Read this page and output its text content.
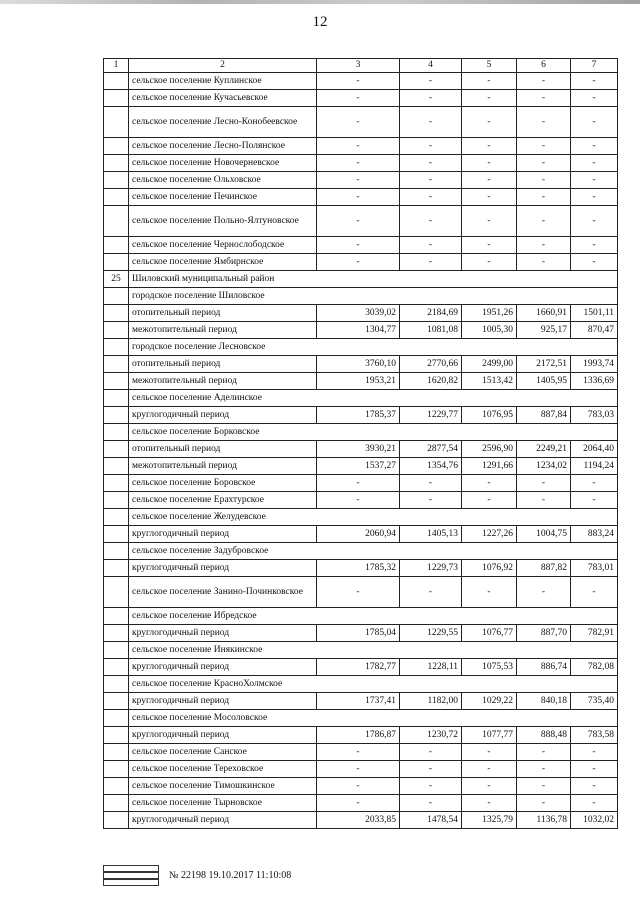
12
1	2	3	4	5	6	7
	сельское поселение Куплинское	-	-	-	-	-
	сельское поселение Кучасьевское	-	-	-	-	-
	сельское поселение Лесно-Конобеевское	-	-	-	-	-
	сельское поселение Лесно-Полянское	-	-	-	-	-
	сельское поселение Новочерневское	-	-	-	-	-
	сельское поселение Ольховское	-	-	-	-	-
	сельское поселение Печинское	-	-	-	-	-
	сельское поселение Польно-Ялтуновское	-	-	-	-	-
	сельское поселение Чернослободское	-	-	-	-	-
	сельское поселение Ямбирнское	-	-	-	-	-
25	Шиловский муниципальный район					
	городское поселение Шиловское					
	отопительный период	3039,02	2184,69	1951,26	1660,91	1501,11
	межотопительный период	1304,77	1081,08	1005,30	925,17	870,47
	городское поселение Лесновское					
	отопительный период	3760,10	2770,66	2499,00	2172,51	1993,74
	межотопительный период	1953,21	1620,82	1513,42	1405,95	1336,69
	сельское поселение Аделинское					
	круглогодичный период	1785,37	1229,77	1076,95	887,84	783,03
	сельское поселение Борковское					
	отопительный период	3930,21	2877,54	2596,90	2249,21	2064,40
	межотопительный период	1537,27	1354,76	1291,66	1234,02	1194,24
	сельское поселение Боровское	-	-	-	-	-
	сельское поселение Ерахтурское	-	-	-	-	-
	сельское поселение Желудевское					
	круглогодичный период	2060,94	1405,13	1227,26	1004,75	883,24
	сельское поселение Задубровское					
	круглогодичный период	1785,32	1229,73	1076,92	887,82	783,01
	сельское поселение Занино-Починковское	-	-	-	-	-
	сельское поселение Ибредское					
	круглогодичный период	1785,04	1229,55	1076,77	887,70	782,91
	сельское поселение Инякинское					
	круглогодичный период	1782,77	1228,11	1075,53	886,74	782,08
	сельское поселение КрасноХолмское					
	круглогодичный период	1737,41	1182,00	1029,22	840,18	735,40
	сельское поселение Мосоловское					
	круглогодичный период	1786,87	1230,72	1077,77	888,48	783,58
	сельское поселение Санское	-	-	-	-	-
	сельское поселение Тереховское	-	-	-	-	-
	сельское поселение Тимошкинское	-	-	-	-	-
	сельское поселение Тырновское	-	-	-	-	-
	круглогодичный период	2033,85	1478,54	1325,79	1136,78	1032,02
№ 22198 19.10.2017 11:10:08
